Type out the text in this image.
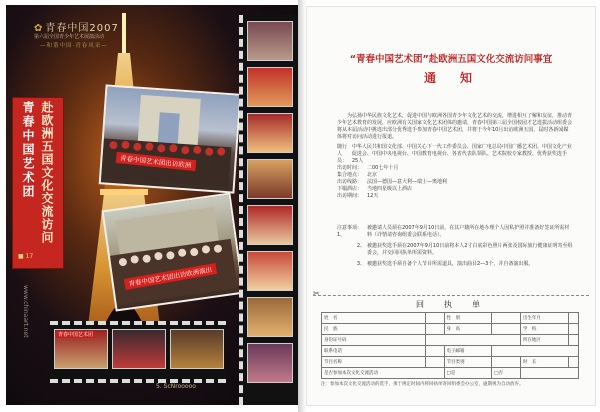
✿ 青春中国2007
第六届全国青少年艺术展演活动
—和谐中国·青春风采—
青春中国艺术团 赴欧洲五国文化交流访问
■ 17
www.chinaart.net
青春中国艺术团出访欧洲
青春中国艺术团出访欧洲演出
青春中国艺术团
5. ScNrooooo
“青春中国艺术团”赴欧洲五国文化交流访问事宜
通　知

为弘扬中华民族文化艺术，促进中国与欧洲各国青少年文化艺术的交流，增进相互了解和友谊，推动青少年艺术教育的发展，应欧洲有关国家文化艺术团体的邀请，青春中国第三届全国校园才艺选拔活动组委会将从本届活动中挑选出部分优秀选手参加青春中国艺术团，并将于今年10月出访欧洲五国，届时各新闻媒体将对访问活动进行报道。

随行人员：
中华人民共和国文化部、中国关心下一代工作委员会、国家广电总局中国广播艺术团、中国文化产业促进会、中国中央电视台、中国教育电视台、各省代表队领队、艺术院校专家教授、优秀获奖选手25人
出访时间： 二00七年十月
集合地点： 北京
出访线路： 法国—德国—意大利—瑞士—奥地利
下榻酒店： 当地四星级以上酒店
出访期间： 12天
注意事项：1、
被邀请人员须在2007年9月10日前，在其户籍所在地办理个人因私护照并准备好签证所需材料（详情请咨询组委会联系电话）。
2、 被邀获奖选手须在2007年9月10日前将本人2寸白底彩色照片两张及国际旅行健康证明寄至组委会，并交回回执单所需资料。
3、 被邀获奖选手须自备个人节目所需道具，演出曲目2—3个，并自备演出服。
✂
回　执　单
姓　名		性　别		出生年月	
民　族		身　高		学　校	
身份证号码				所在地区	
联系电话		电子邮箱			
节目名称		节目类别		时　长	
是否参加本次文化交流活动		□是	□否		
注：参加本次文化交流活动的选手，须于规定时间内将回执单寄回组委会办公室，逾期视为自动放弃。
